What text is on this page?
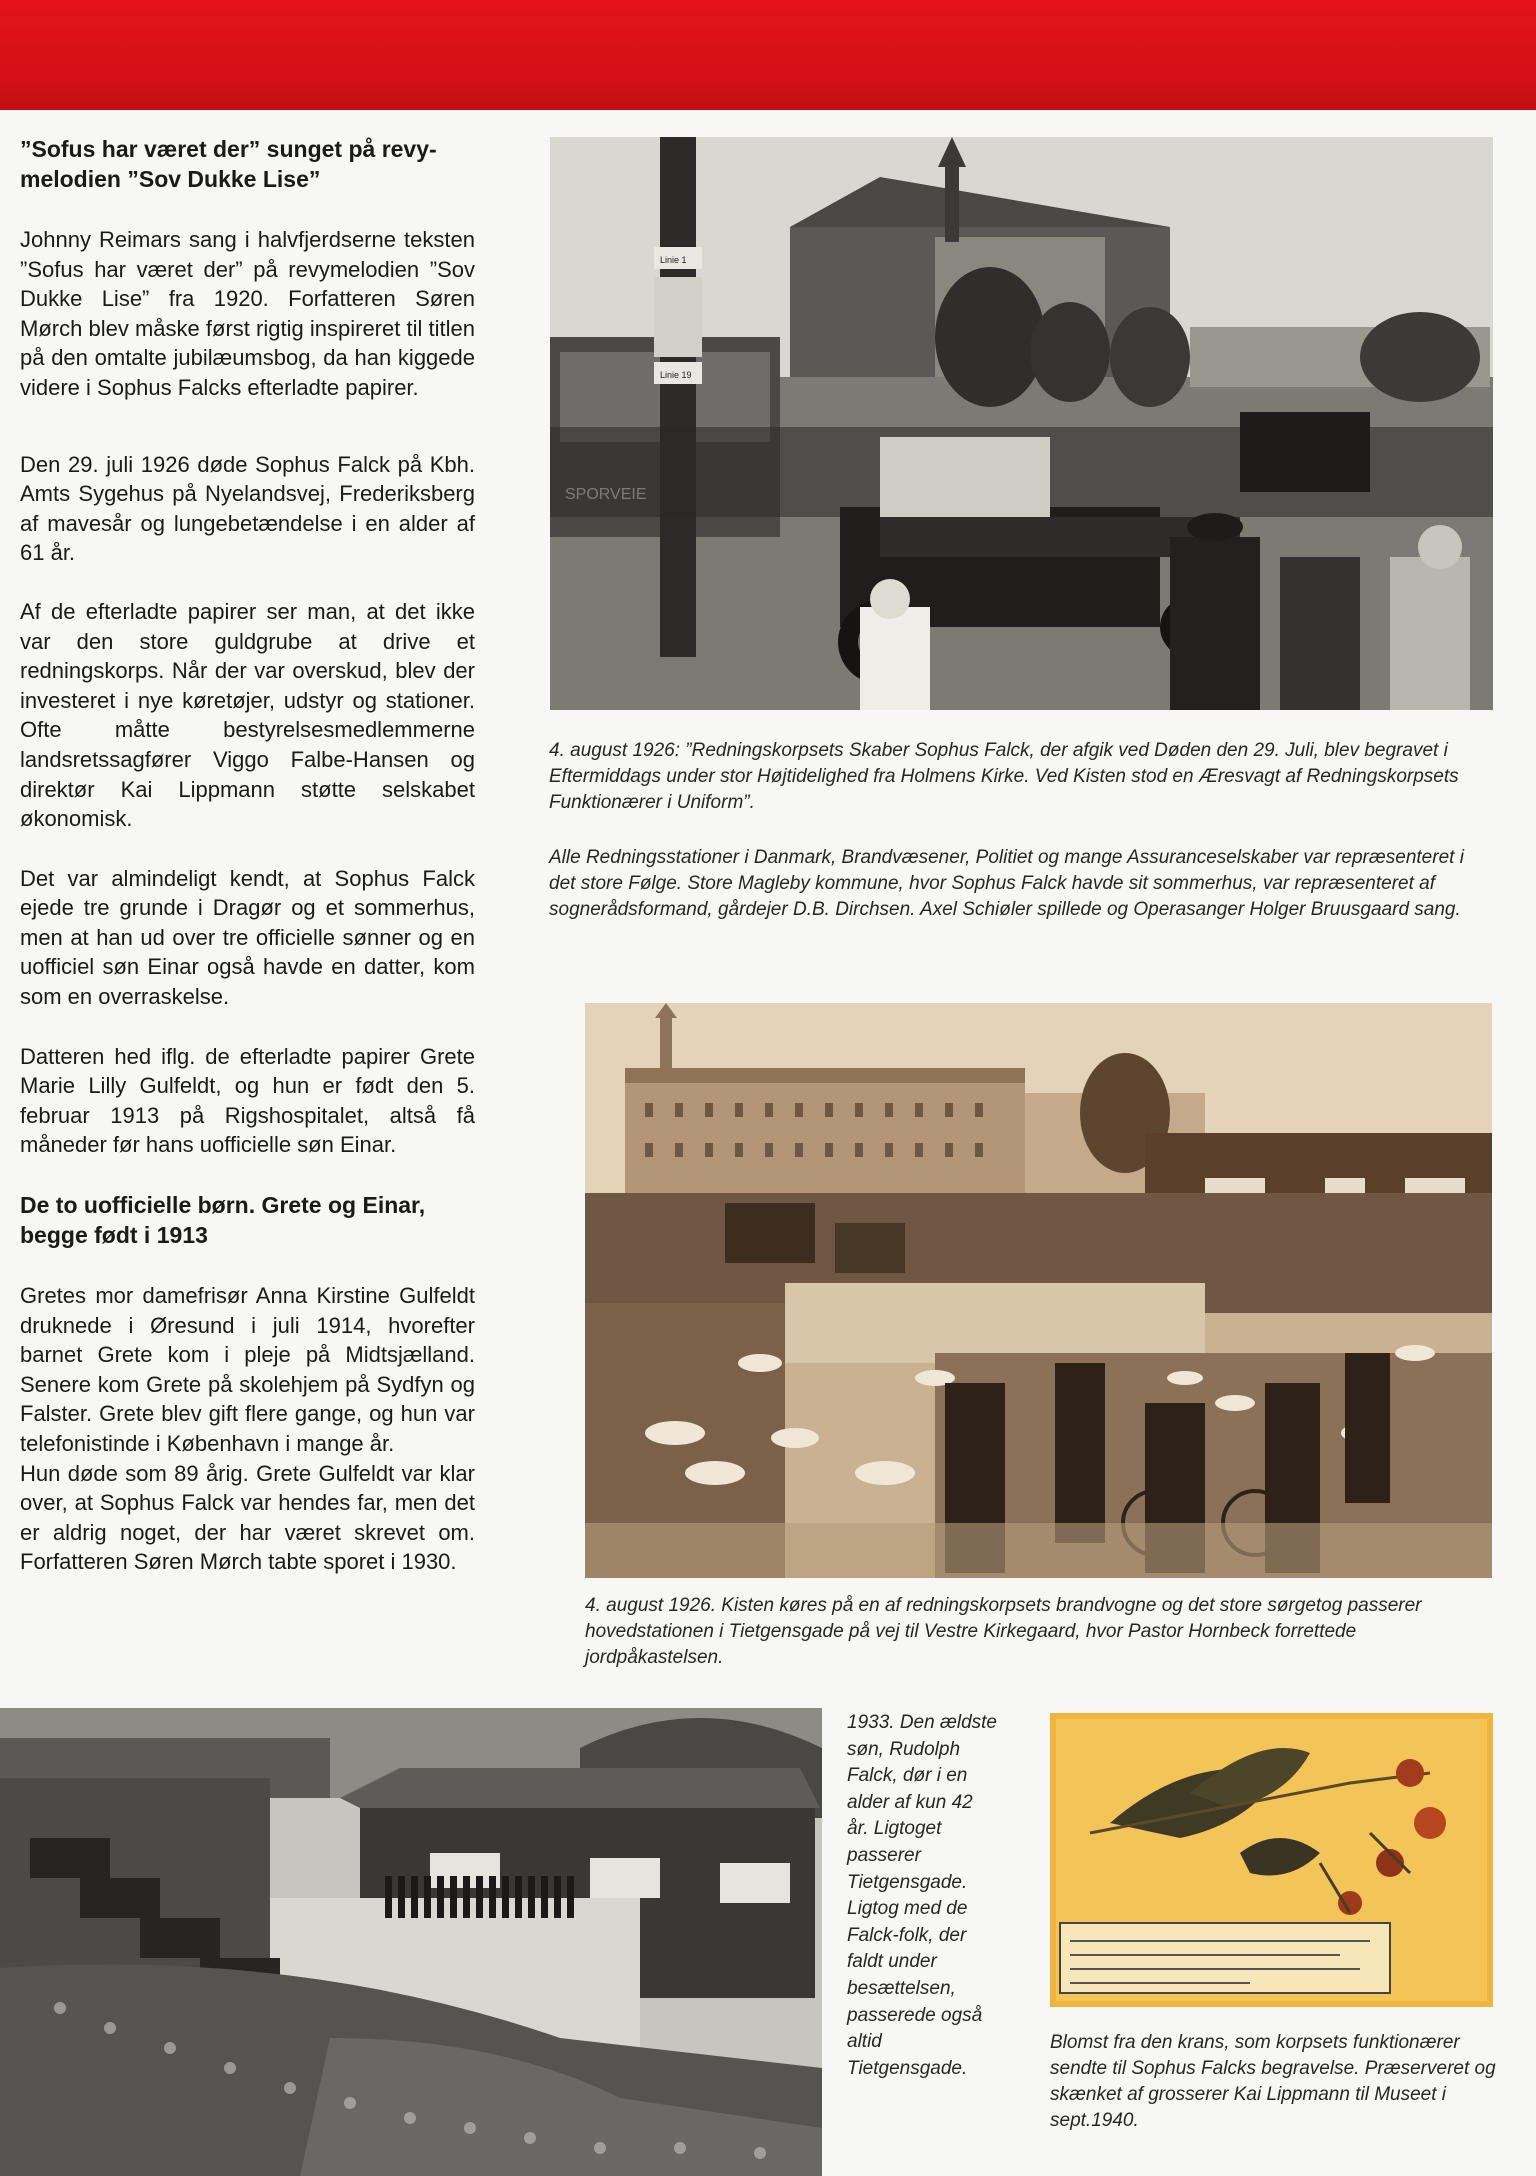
”Sofus har været der” sunget på revymelodien ”Sov Dukke Lise”

Johnny Reimars sang i halvfjerdserne teksten ”Sofus har været der” på revymelodien ”Sov Dukke Lise” fra 1920. Forfatteren Søren Mørch blev måske først rigtig inspireret til titlen på den omtalte jubilæumsbog, da han kiggede videre i Sophus Falcks efterladte papirer.

Den 29. juli 1926 døde Sophus Falck på Kbh. Amts Sygehus på Nyelandsvej, Frederiksberg af mavesår og lungebetændelse i en alder af 61 år.

Af de efterladte papirer ser man, at det ikke var den store guldgrube at drive et redningskorps. Når der var overskud, blev der investeret i nye køretøjer, udstyr og stationer. Ofte måtte bestyrelsesmedlemmerne landsretssagfører Viggo Falbe-Hansen og direktør Kai Lippmann støtte selskabet økonomisk.

Det var almindeligt kendt, at Sophus Falck ejede tre grunde i Dragør og et sommerhus, men at han ud over tre officielle sønner og en uofficiel søn Einar også havde en datter, kom som en overraskelse.

Datteren hed iflg. de efterladte papirer Grete Marie Lilly Gulfeldt, og hun er født den 5. februar 1913 på Rigshospitalet, altså få måneder før hans uofficielle søn Einar.

De to uofficielle børn. Grete og Einar, begge født i 1913

Gretes mor damefrisør Anna Kirstine Gulfeldt druknede i Øresund i juli 1914, hvorefter barnet Grete kom i pleje på Midtsjælland. Senere kom Grete på skolehjem på Sydfyn og Falster. Grete blev gift flere gange, og hun var telefonistinde i København i mange år.

Hun døde som 89 årig. Grete Gulfeldt var klar over, at Sophus Falck var hendes far, men det er aldrig noget, der har været skrevet om. Forfatteren Søren Mørch tabte sporet i 1930.

Linie 1
Linie 19

4. august 1926: ”Redningskorpsets Skaber Sophus Falck, der afgik ved Døden den 29. Juli, blev begravet i Eftermiddags under stor Højtidelighed fra Holmens Kirke. Ved Kisten stod en Æresvagt af Redningskorpsets Funktionærer i Uniform”.

Alle Redningsstationer i Danmark, Brandvæsener, Politiet og mange Assuranceselskaber var repræsenteret i det store Følge. Store Magleby kommune, hvor Sophus Falck havde sit sommerhus, var repræsenteret af sognerådsformand, gårdejer D.B. Dirchsen. Axel Schiøler spillede og Operasanger Holger Bruusgaard sang.

4. august 1926. Kisten køres på en af redningskorpsets brandvogne og det store sørgetog passerer hovedstationen i Tietgensgade på vej til Vestre Kirkegaard, hvor Pastor Hornbeck forrettede jordpåkastelsen.

1933. Den ældste søn, Rudolph Falck, dør i en alder af kun 42 år. Ligtoget passerer Tietgensgade. Ligtog med de Falck-folk, der faldt under besættelsen, passerede også altid Tietgensgade.

Blomst fra den krans, som korpsets funktionærer sendte til Sophus Falcks begravelse. Præserveret og skænket af grosserer Kai Lippmann til Museet i sept.1940.
